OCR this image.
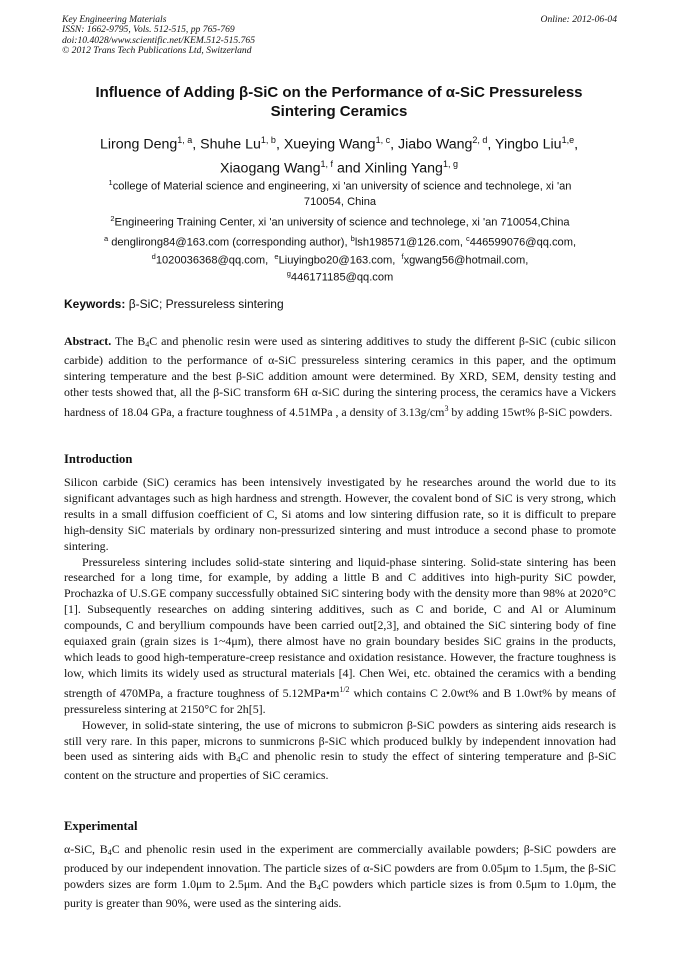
Key Engineering Materials
ISSN: 1662-9795, Vols. 512-515, pp 765-769
doi:10.4028/www.scientific.net/KEM.512-515.765
© 2012 Trans Tech Publications Ltd, Switzerland
Online: 2012-06-04
Influence of Adding β-SiC on the Performance of α-SiC Pressureless
Sintering Ceramics
Lirong Deng$^{1, a}$, Shuhe Lu$^{1, b}$, Xueying Wang$^{1, c}$, Jiabo Wang$^{2, d}$, Yingbo Liu$^{1,e}$,
Xiaogang Wang$^{1, f}$ and Xinling Yang$^{1, g}$
$^1$college of Material science and engineering, xi 'an university of science and technolege, xi 'an
710054, China
$^2$Engineering Training Center, xi 'an university of science and technolege, xi 'an 710054,China
$^a$ denglirong84@163.com (corresponding author), $^b$lsh198571@126.com, $^c$446599076@qq.com,
$^d$1020036368@qq.com, $^e$Liuyingbo20@163.com, $^f$xgwang56@hotmail.com,
$^g$446171185@qq.com
Keywords: β-SiC; Pressureless sintering

Abstract. The $B_4C$ and phenolic resin were used as sintering additives to study the different β-SiC (cubic silicon carbide) addition to the performance of α-SiC pressureless sintering ceramics in this paper, and the optimum sintering temperature and the best β-SiC addition amount were determined. By XRD, SEM, density testing and other tests showed that, all the β-SiC transform 6H α-SiC during the sintering process, the ceramics have a Vickers hardness of 18.04 GPa, a fracture toughness of 4.51MPa , a density of $3.13g/cm^3$ by adding 15wt% β-SiC powders.

Introduction

Silicon carbide (SiC) ceramics has been intensively investigated by he researches around the world due to its significant advantages such as high hardness and strength. However, the covalent bond of SiC is very strong, which results in a small diffusion coefficient of C, Si atoms and low sintering diffusion rate, so it is difficult to prepare high-density SiC materials by ordinary non-pressurized sintering and must introduce a second phase to promote sintering.

Pressureless sintering includes solid-state sintering and liquid-phase sintering. Solid-state sintering has been researched for a long time, for example, by adding a little B and C additives into high-purity SiC powder, Prochazka of U.S.GE company successfully obtained SiC sintering body with the density more than 98% at 2020°C [1]. Subsequently researches on adding sintering additives, such as C and boride, C and Al or Aluminum compounds, C and beryllium compounds have been carried out[2,3], and obtained the SiC sintering body of fine equiaxed grain (grain sizes is 1~4μm), there almost have no grain boundary besides SiC grains in the products, which leads to good high-temperature-creep resistance and oxidation resistance. However, the fracture toughness is low, which limits its widely used as structural materials [4]. Chen Wei, etc. obtained the ceramics with a bending strength of 470MPa, a fracture toughness of $5.12MPa•m^{1/2}$ which contains C 2.0wt% and B 1.0wt% by means of pressureless sintering at 2150°C for 2h[5].

However, in solid-state sintering, the use of microns to submicron β-SiC powders as sintering aids research is still very rare. In this paper, microns to sunmicrons β-SiC which produced bulkly by independent innovation had been used as sintering aids with $B_4C$ and phenolic resin to study the effect of sintering temperature and β-SiC content on the structure and properties of SiC ceramics.

Experimental

α-SiC, $B_4C$ and phenolic resin used in the experiment are commercially available powders; β-SiC powders are produced by our independent innovation. The particle sizes of α-SiC powders are from 0.05μm to 1.5μm, the β-SiC powders sizes are form 1.0μm to 2.5μm. And the $B_4C$ powders which particle sizes is from 0.5μm to 1.0μm, the purity is greater than 90%, were used as the sintering aids.
